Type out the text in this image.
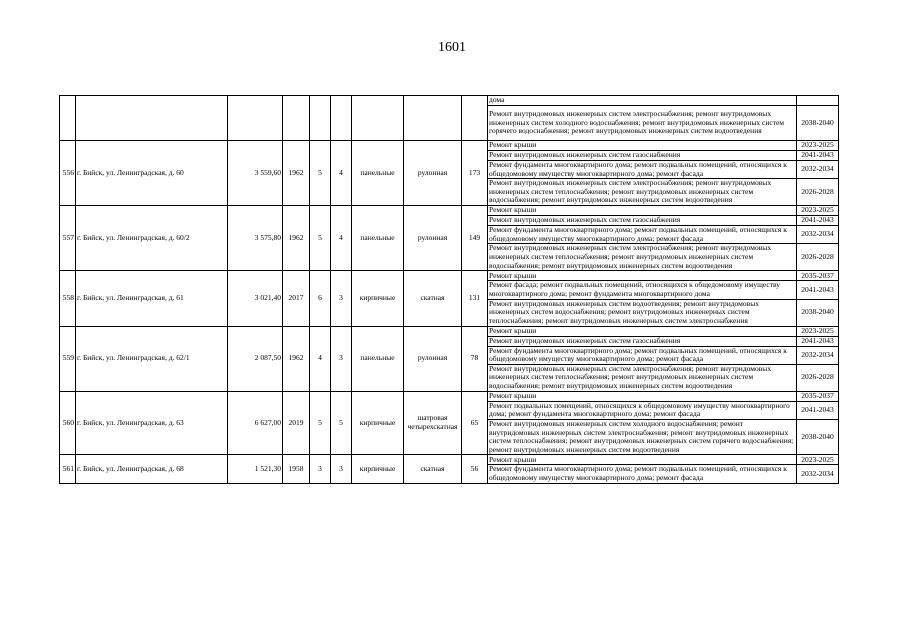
1601
									дома	
									Ремонт внутридомовых инженерных систем электроснабжения; ремонт внутридомовых инженерных систем холодного водоснабжения; ремонт внутридомовых инженерных систем горячего водоснабжения; ремонт внутридомовых инженерных систем водоотведения	2038-2040
556	г. Бийск, ул. Ленинградская, д. 60	3 559,60	1962	5	4	панельные	рулонная	173	Ремонт крыши	2023-2025
									Ремонт внутридомовых инженерных систем газоснабжения	2041-2043
									Ремонт фундамента многоквартирного дома; ремонт подвальных помещений, относящихся к общедомовому имуществу многоквартирного дома; ремонт фасада	2032-2034
									Ремонт внутридомовых инженерных систем электроснабжения; ремонт внутридомовых инженерных систем теплоснабжения; ремонт внутридомовых инженерных систем водоснабжения; ремонт внутридомовых инженерных систем водоотведения	2026-2028
557	г. Бийск, ул. Ленинградская, д. 60/2	3 575,80	1962	5	4	панельные	рулонная	149	Ремонт крыши	2023-2025
									Ремонт внутридомовых инженерных систем газоснабжения	2041-2043
									Ремонт фундамента многоквартирного дома; ремонт подвальных помещений, относящихся к общедомовому имуществу многоквартирного дома; ремонт фасада	2032-2034
									Ремонт внутридомовых инженерных систем электроснабжения; ремонт внутридомовых инженерных систем теплоснабжения; ремонт внутридомовых инженерных систем водоснабжения; ремонт внутридомовых инженерных систем водоотведения	2026-2028
558	г. Бийск, ул. Ленинградская, д. 61	3 021,40	2017	6	3	кирпичные	скатная	131	Ремонт крыши	2035-2037
									Ремонт фасада; ремонт подвальных помещений, относящихся к общедомовому имуществу многоквартирного дома; ремонт фундамента многоквартирного дома	2041-2043
									Ремонт внутридомовых инженерных систем водоотведения; ремонт внутридомовых инженерных систем водоснабжения; ремонт внутридомовых инженерных систем теплоснабжения; ремонт внутридомовых инженерных систем электроснабжения	2038-2040
559	г. Бийск, ул. Ленинградская, д. 62/1	2 087,50	1962	4	3	панельные	рулонная	78	Ремонт крыши	2023-2025
									Ремонт внутридомовых инженерных систем газоснабжения	2041-2043
									Ремонт фундамента многоквартирного дома; ремонт подвальных помещений, относящихся к общедомовому имуществу многоквартирного дома; ремонт фасада	2032-2034
									Ремонт внутридомовых инженерных систем электроснабжения; ремонт внутридомовых инженерных систем теплоснабжения; ремонт внутридомовых инженерных систем водоснабжения; ремонт внутридомовых инженерных систем водоотведения	2026-2028
560	г. Бийск, ул. Ленинградская, д. 63	6 627,00	2019	5	5	кирпичные	шатровая четырехскатная	65	Ремонт крыши	2035-2037
									Ремонт подвальных помещений, относящихся к общедомовому имуществу многоквартирного дома; ремонт фундамента многоквартирного дома; ремонт фасада	2041-2043
									Ремонт внутридомовых инженерных систем холодного водоснабжения; ремонт внутридомовых инженерных систем электроснабжения; ремонт внутридомовых инженерных систем теплоснабжения; ремонт внутридомовых инженерных систем горячего водоснабжения; ремонт внутридомовых инженерных систем водоотведения	2038-2040
561	г. Бийск, ул. Ленинградская, д. 68	1 521,30	1958	3	3	кирпичные	скатная	56	Ремонт крыши	2023-2025
									Ремонт фундамента многоквартирного дома; ремонт подвальных помещений, относящихся к общедомовому имуществу многоквартирного дома; ремонт фасада	2032-2034
